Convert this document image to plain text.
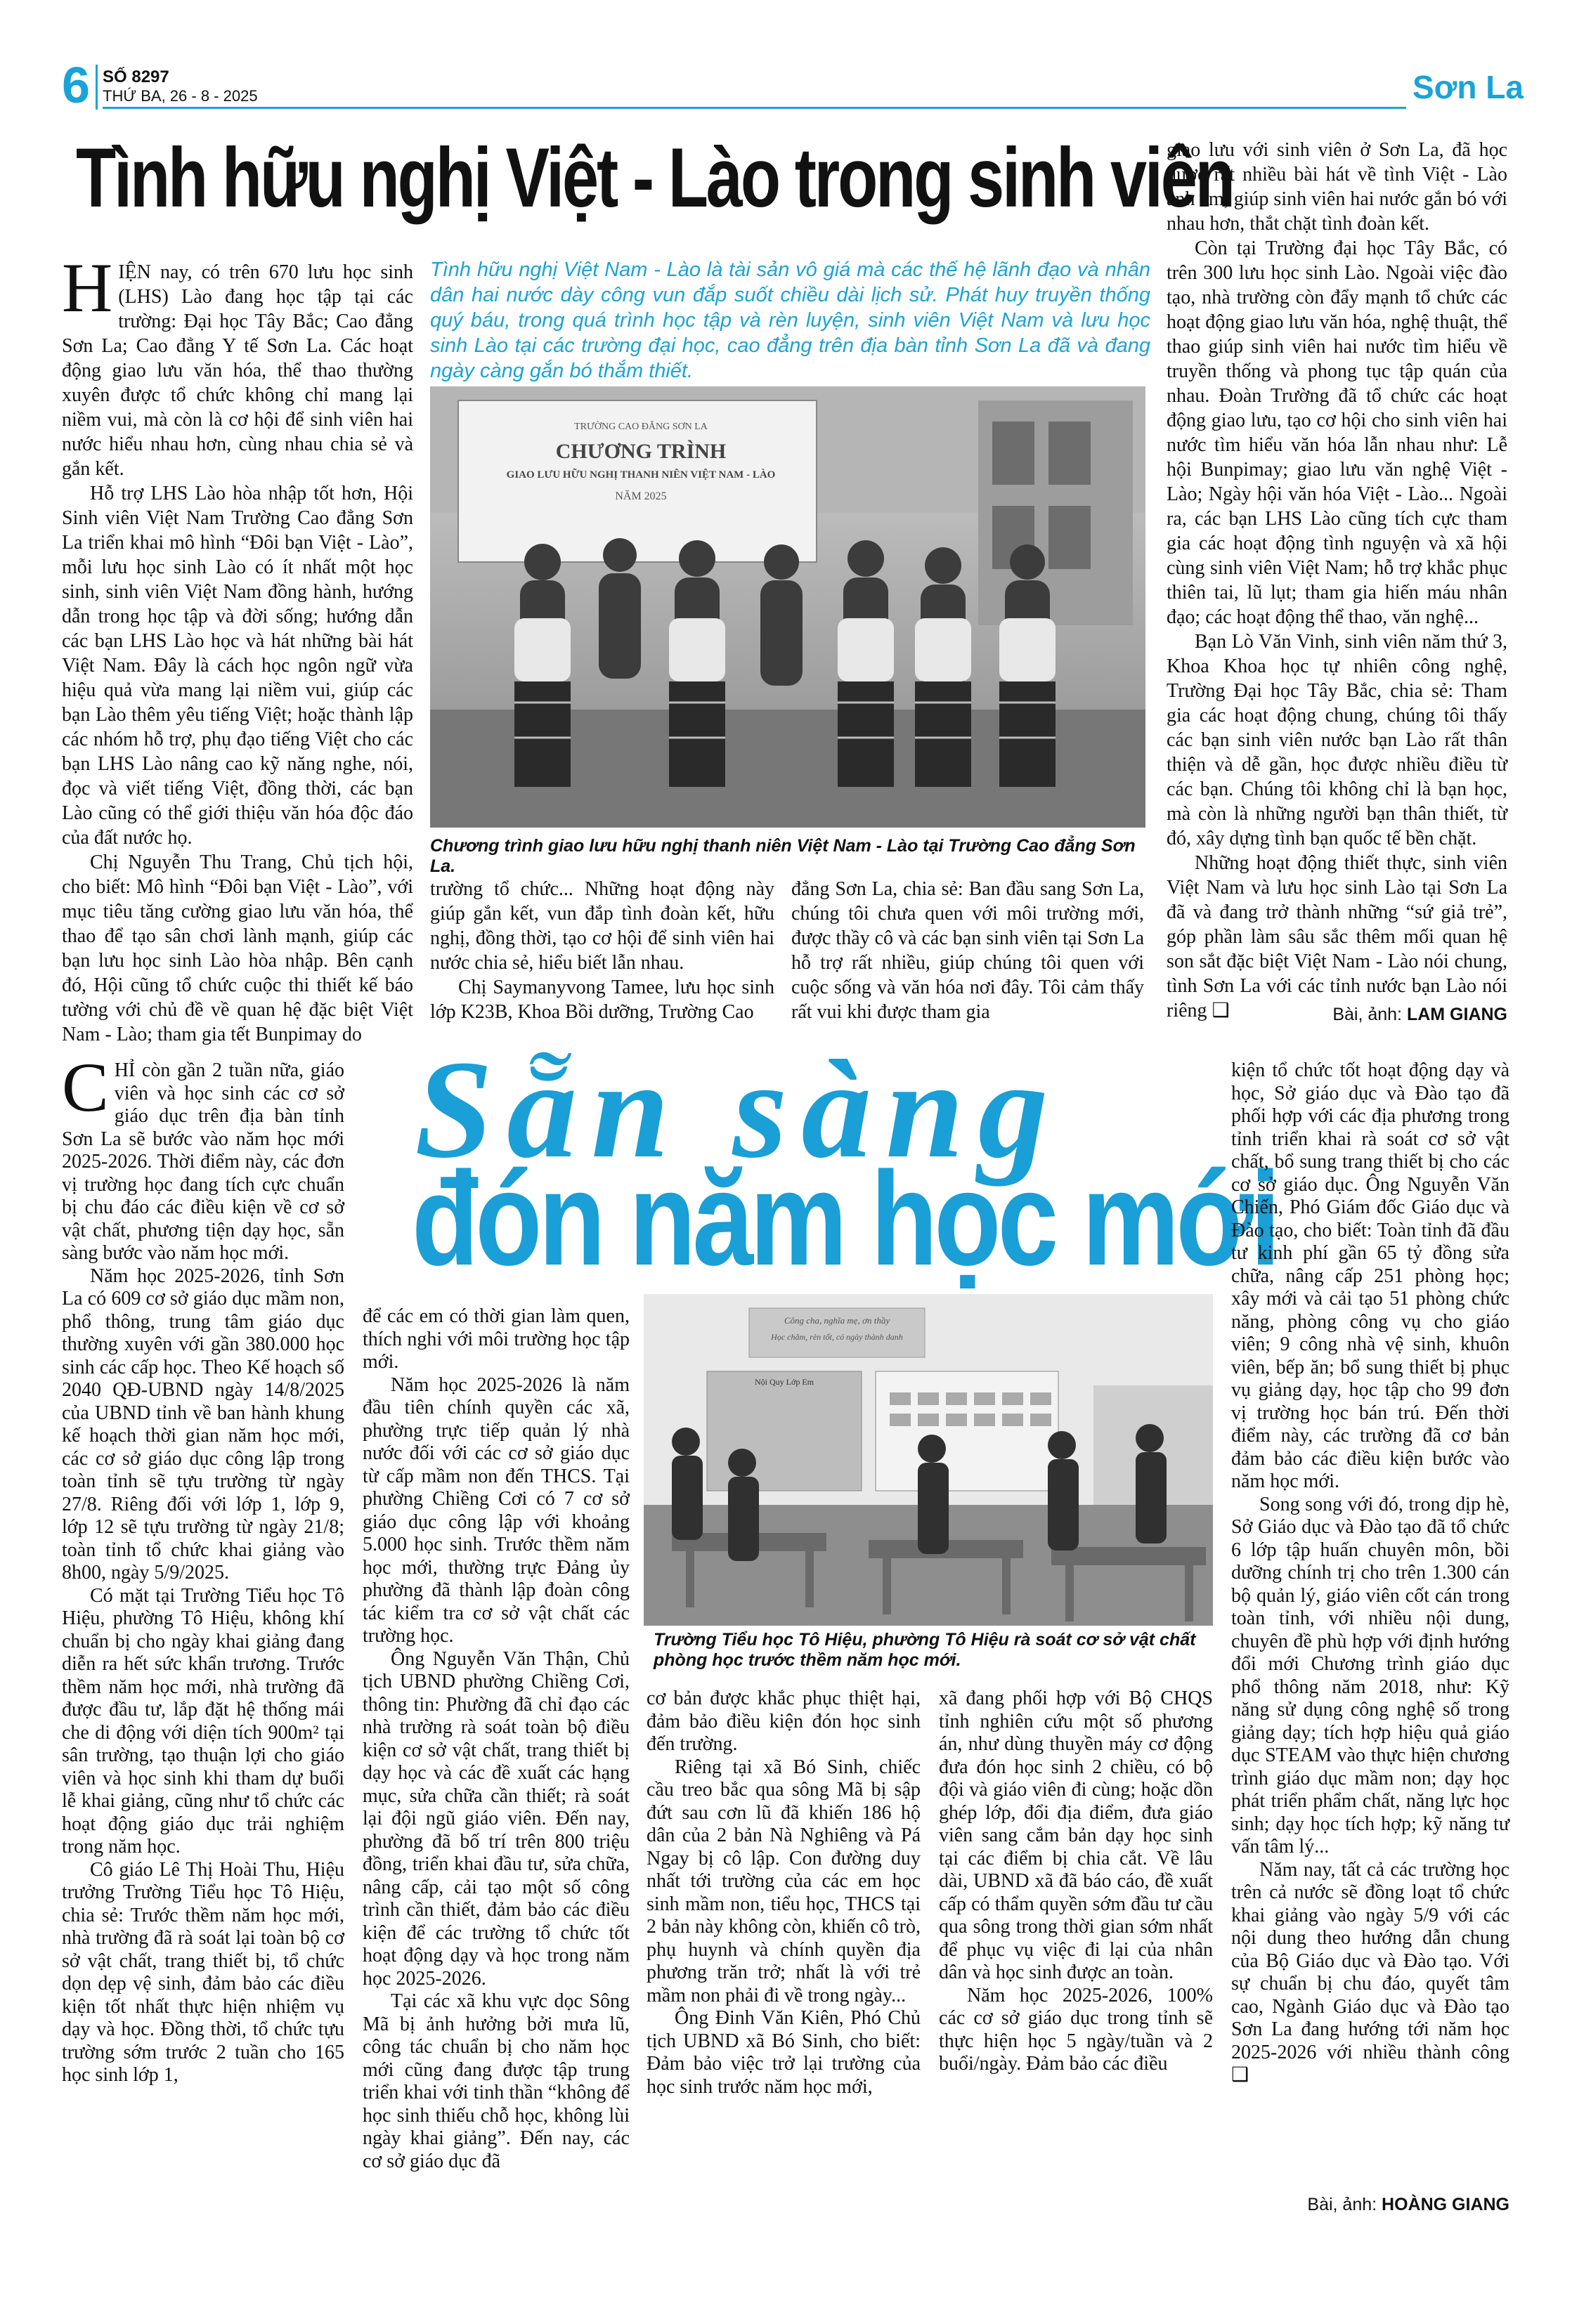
6 SỐ 8297
THỨ BA, 26 - 8 - 2025	Sơn La
Tình hữu nghị Việt - Lào trong sinh viên
Tình hữu nghị Việt Nam - Lào là tài sản vô giá mà các thế hệ lãnh đạo và nhân dân hai nước dày công vun đắp suốt chiều dài lịch sử. Phát huy truyền thống quý báu, trong quá trình học tập và rèn luyện, sinh viên Việt Nam và lưu học sinh Lào tại các trường đại học, cao đẳng trên địa bàn tỉnh Sơn La đã và đang ngày càng gắn bó thắm thiết.
TRƯỜNG CAO ĐẲNG SƠN LA
CHƯƠNG TRÌNH
GIAO LƯU HỮU NGHỊ THANH NIÊN VIỆT NAM - LÀO
NĂM 2025
Chương trình giao lưu hữu nghị thanh niên Việt Nam - Lào tại Trường Cao đẳng Sơn La.

HIỆN nay, có trên 670 lưu học sinh (LHS) Lào đang học tập tại các trường: Đại học Tây Bắc; Cao đẳng Sơn La; Cao đẳng Y tế Sơn La. Các hoạt động giao lưu văn hóa, thể thao thường xuyên được tổ chức không chỉ mang lại niềm vui, mà còn là cơ hội để sinh viên hai nước hiểu nhau hơn, cùng nhau chia sẻ và gắn kết.

Hỗ trợ LHS Lào hòa nhập tốt hơn, Hội Sinh viên Việt Nam Trường Cao đẳng Sơn La triển khai mô hình “Đôi bạn Việt - Lào”, mỗi lưu học sinh Lào có ít nhất một học sinh, sinh viên Việt Nam đồng hành, hướng dẫn trong học tập và đời sống; hướng dẫn các bạn LHS Lào học và hát những bài hát Việt Nam. Đây là cách học ngôn ngữ vừa hiệu quả vừa mang lại niềm vui, giúp các bạn Lào thêm yêu tiếng Việt; hoặc thành lập các nhóm hỗ trợ, phụ đạo tiếng Việt cho các bạn LHS Lào nâng cao kỹ năng nghe, nói, đọc và viết tiếng Việt, đồng thời, các bạn Lào cũng có thể giới thiệu văn hóa độc đáo của đất nước họ.

Chị Nguyễn Thu Trang, Chủ tịch hội, cho biết: Mô hình “Đôi bạn Việt - Lào”, với mục tiêu tăng cường giao lưu văn hóa, thể thao để tạo sân chơi lành mạnh, giúp các bạn lưu học sinh Lào hòa nhập. Bên cạnh đó, Hội cũng tổ chức cuộc thi thiết kế báo tường với chủ đề về quan hệ đặc biệt Việt Nam - Lào; tham gia tết Bunpimay do

trường tổ chức... Những hoạt động này giúp gắn kết, vun đắp tình đoàn kết, hữu nghị, đồng thời, tạo cơ hội để sinh viên hai nước chia sẻ, hiểu biết lẫn nhau.

Chị Saymanyvong Tamee, lưu học sinh lớp K23B, Khoa Bồi dưỡng, Trường Cao

đẳng Sơn La, chia sẻ: Ban đầu sang Sơn La, chúng tôi chưa quen với môi trường mới, được thầy cô và các bạn sinh viên tại Sơn La hỗ trợ rất nhiều, giúp chúng tôi quen với cuộc sống và văn hóa nơi đây. Tôi cảm thấy rất vui khi được tham gia

giao lưu với sinh viên ở Sơn La, đã học được rất nhiều bài hát về tình Việt - Lào anh em, giúp sinh viên hai nước gắn bó với nhau hơn, thắt chặt tình đoàn kết.

Còn tại Trường đại học Tây Bắc, có trên 300 lưu học sinh Lào. Ngoài việc đào tạo, nhà trường còn đẩy mạnh tổ chức các hoạt động giao lưu văn hóa, nghệ thuật, thể thao giúp sinh viên hai nước tìm hiểu về truyền thống và phong tục tập quán của nhau. Đoàn Trường đã tổ chức các hoạt động giao lưu, tạo cơ hội cho sinh viên hai nước tìm hiểu văn hóa lẫn nhau như: Lễ hội Bunpimay; giao lưu văn nghệ Việt - Lào; Ngày hội văn hóa Việt - Lào... Ngoài ra, các bạn LHS Lào cũng tích cực tham gia các hoạt động tình nguyện và xã hội cùng sinh viên Việt Nam; hỗ trợ khắc phục thiên tai, lũ lụt; tham gia hiến máu nhân đạo; các hoạt động thể thao, văn nghệ...

Bạn Lò Văn Vinh, sinh viên năm thứ 3, Khoa Khoa học tự nhiên công nghệ, Trường Đại học Tây Bắc, chia sẻ: Tham gia các hoạt động chung, chúng tôi thấy các bạn sinh viên nước bạn Lào rất thân thiện và dễ gần, học được nhiều điều từ các bạn. Chúng tôi không chỉ là bạn học, mà còn là những người bạn thân thiết, từ đó, xây dựng tình bạn quốc tế bền chặt.

Những hoạt động thiết thực, sinh viên Việt Nam và lưu học sinh Lào tại Sơn La đã và đang trở thành những “sứ giả trẻ”, góp phần làm sâu sắc thêm mối quan hệ son sắt đặc biệt Việt Nam - Lào nói chung, tình Sơn La với các tỉnh nước bạn Lào nói riêng ❑	Bài, ảnh: LAM GIANG
Sẵn sàng
đón năm học mới
Công cha, nghĩa mẹ, ơn thầy
Học chăm, rèn tốt, có ngày thành danh
Nội Quy Lớp Em
Trường Tiểu học Tô Hiệu, phường Tô Hiệu rà soát cơ sở vật chất phòng học trước thềm năm học mới.

CHỈ còn gần 2 tuần nữa, giáo viên và học sinh các cơ sở giáo dục trên địa bàn tỉnh Sơn La sẽ bước vào năm học mới 2025-2026. Thời điểm này, các đơn vị trường học đang tích cực chuẩn bị chu đáo các điều kiện về cơ sở vật chất, phương tiện dạy học, sẵn sàng bước vào năm học mới.

Năm học 2025-2026, tỉnh Sơn La có 609 cơ sở giáo dục mầm non, phổ thông, trung tâm giáo dục thường xuyên với gần 380.000 học sinh các cấp học. Theo Kế hoạch số 2040 QĐ-UBND ngày 14/8/2025 của UBND tỉnh về ban hành khung kế hoạch thời gian năm học mới, các cơ sở giáo dục công lập trong toàn tỉnh sẽ tựu trường từ ngày 27/8. Riêng đối với lớp 1, lớp 9, lớp 12 sẽ tựu trường từ ngày 21/8; toàn tỉnh tổ chức khai giảng vào 8h00, ngày 5/9/2025.

Có mặt tại Trường Tiểu học Tô Hiệu, phường Tô Hiệu, không khí chuẩn bị cho ngày khai giảng đang diễn ra hết sức khẩn trương. Trước thềm năm học mới, nhà trường đã được đầu tư, lắp đặt hệ thống mái che di động với diện tích 900m² tại sân trường, tạo thuận lợi cho giáo viên và học sinh khi tham dự buổi lễ khai giảng, cũng như tổ chức các hoạt động giáo dục trải nghiệm trong năm học.

Cô giáo Lê Thị Hoài Thu, Hiệu trưởng Trường Tiểu học Tô Hiệu, chia sẻ: Trước thềm năm học mới, nhà trường đã rà soát lại toàn bộ cơ sở vật chất, trang thiết bị, tổ chức dọn dẹp vệ sinh, đảm bảo các điều kiện tốt nhất thực hiện nhiệm vụ dạy và học. Đồng thời, tổ chức tựu trường sớm trước 2 tuần cho 165 học sinh lớp 1,

để các em có thời gian làm quen, thích nghi với môi trường học tập mới.

Năm học 2025-2026 là năm đầu tiên chính quyền các xã, phường trực tiếp quản lý nhà nước đối với các cơ sở giáo dục từ cấp mầm non đến THCS. Tại phường Chiềng Cơi có 7 cơ sở giáo dục công lập với khoảng 5.000 học sinh. Trước thềm năm học mới, thường trực Đảng ủy phường đã thành lập đoàn công tác kiểm tra cơ sở vật chất các trường học.

Ông Nguyễn Văn Thận, Chủ tịch UBND phường Chiềng Cơi, thông tin: Phường đã chỉ đạo các nhà trường rà soát toàn bộ điều kiện cơ sở vật chất, trang thiết bị dạy học và các đề xuất các hạng mục, sửa chữa cần thiết; rà soát lại đội ngũ giáo viên. Đến nay, phường đã bố trí trên 800 triệu đồng, triển khai đầu tư, sửa chữa, nâng cấp, cải tạo một số công trình cần thiết, đảm bảo các điều kiện để các trường tổ chức tốt hoạt động dạy và học trong năm học 2025-2026.

Tại các xã khu vực dọc Sông Mã bị ảnh hưởng bởi mưa lũ, công tác chuẩn bị cho năm học mới cũng đang được tập trung triển khai với tinh thần “không để học sinh thiếu chỗ học, không lùi ngày khai giảng”. Đến nay, các cơ sở giáo dục đã

cơ bản được khắc phục thiệt hại, đảm bảo điều kiện đón học sinh đến trường.

Riêng tại xã Bó Sinh, chiếc cầu treo bắc qua sông Mã bị sập đứt sau cơn lũ đã khiến 186 hộ dân của 2 bản Nà Nghiêng và Pá Ngay bị cô lập. Con đường duy nhất tới trường của các em học sinh mầm non, tiểu học, THCS tại 2 bản này không còn, khiến cô trò, phụ huynh và chính quyền địa phương trăn trở; nhất là với trẻ mầm non phải đi về trong ngày...

Ông Đinh Văn Kiên, Phó Chủ tịch UBND xã Bó Sinh, cho biết: Đảm bảo việc trở lại trường của học sinh trước năm học mới,

xã đang phối hợp với Bộ CHQS tỉnh nghiên cứu một số phương án, như dùng thuyền máy cơ động đưa đón học sinh 2 chiều, có bộ đội và giáo viên đi cùng; hoặc dồn ghép lớp, đổi địa điểm, đưa giáo viên sang cắm bản dạy học sinh tại các điểm bị chia cắt. Về lâu dài, UBND xã đã báo cáo, đề xuất cấp có thẩm quyền sớm đầu tư cầu qua sông trong thời gian sớm nhất để phục vụ việc đi lại của nhân dân và học sinh được an toàn.

Năm học 2025-2026, 100% các cơ sở giáo dục trong tỉnh sẽ thực hiện học 5 ngày/tuần và 2 buổi/ngày. Đảm bảo các điều

kiện tổ chức tốt hoạt động dạy và học, Sở giáo dục và Đào tạo đã phối hợp với các địa phương trong tỉnh triển khai rà soát cơ sở vật chất, bổ sung trang thiết bị cho các cơ sở giáo dục. Ông Nguyễn Văn Chiến, Phó Giám đốc Giáo dục và Đào tạo, cho biết: Toàn tỉnh đã đầu tư kinh phí gần 65 tỷ đồng sửa chữa, nâng cấp 251 phòng học; xây mới và cải tạo 51 phòng chức năng, phòng công vụ cho giáo viên; 9 công nhà vệ sinh, khuôn viên, bếp ăn; bổ sung thiết bị phục vụ giảng dạy, học tập cho 99 đơn vị trường học bán trú. Đến thời điểm này, các trường đã cơ bản đảm bảo các điều kiện bước vào năm học mới.

Song song với đó, trong dịp hè, Sở Giáo dục và Đào tạo đã tổ chức 6 lớp tập huấn chuyên môn, bồi dưỡng chính trị cho trên 1.300 cán bộ quản lý, giáo viên cốt cán trong toàn tỉnh, với nhiều nội dung, chuyên đề phù hợp với định hướng đổi mới Chương trình giáo dục phổ thông năm 2018, như: Kỹ năng sử dụng công nghệ số trong giảng dạy; tích hợp hiệu quả giáo dục STEAM vào thực hiện chương trình giáo dục mầm non; dạy học phát triển phẩm chất, năng lực học sinh; dạy học tích hợp; kỹ năng tư vấn tâm lý...

Năm nay, tất cả các trường học trên cả nước sẽ đồng loạt tổ chức khai giảng vào ngày 5/9 với các nội dung theo hướng dẫn chung của Bộ Giáo dục và Đào tạo. Với sự chuẩn bị chu đáo, quyết tâm cao, Ngành Giáo dục và Đào tạo Sơn La đang hướng tới năm học 2025-2026 với nhiều thành công ❑

Bài, ảnh: HOÀNG GIANG
